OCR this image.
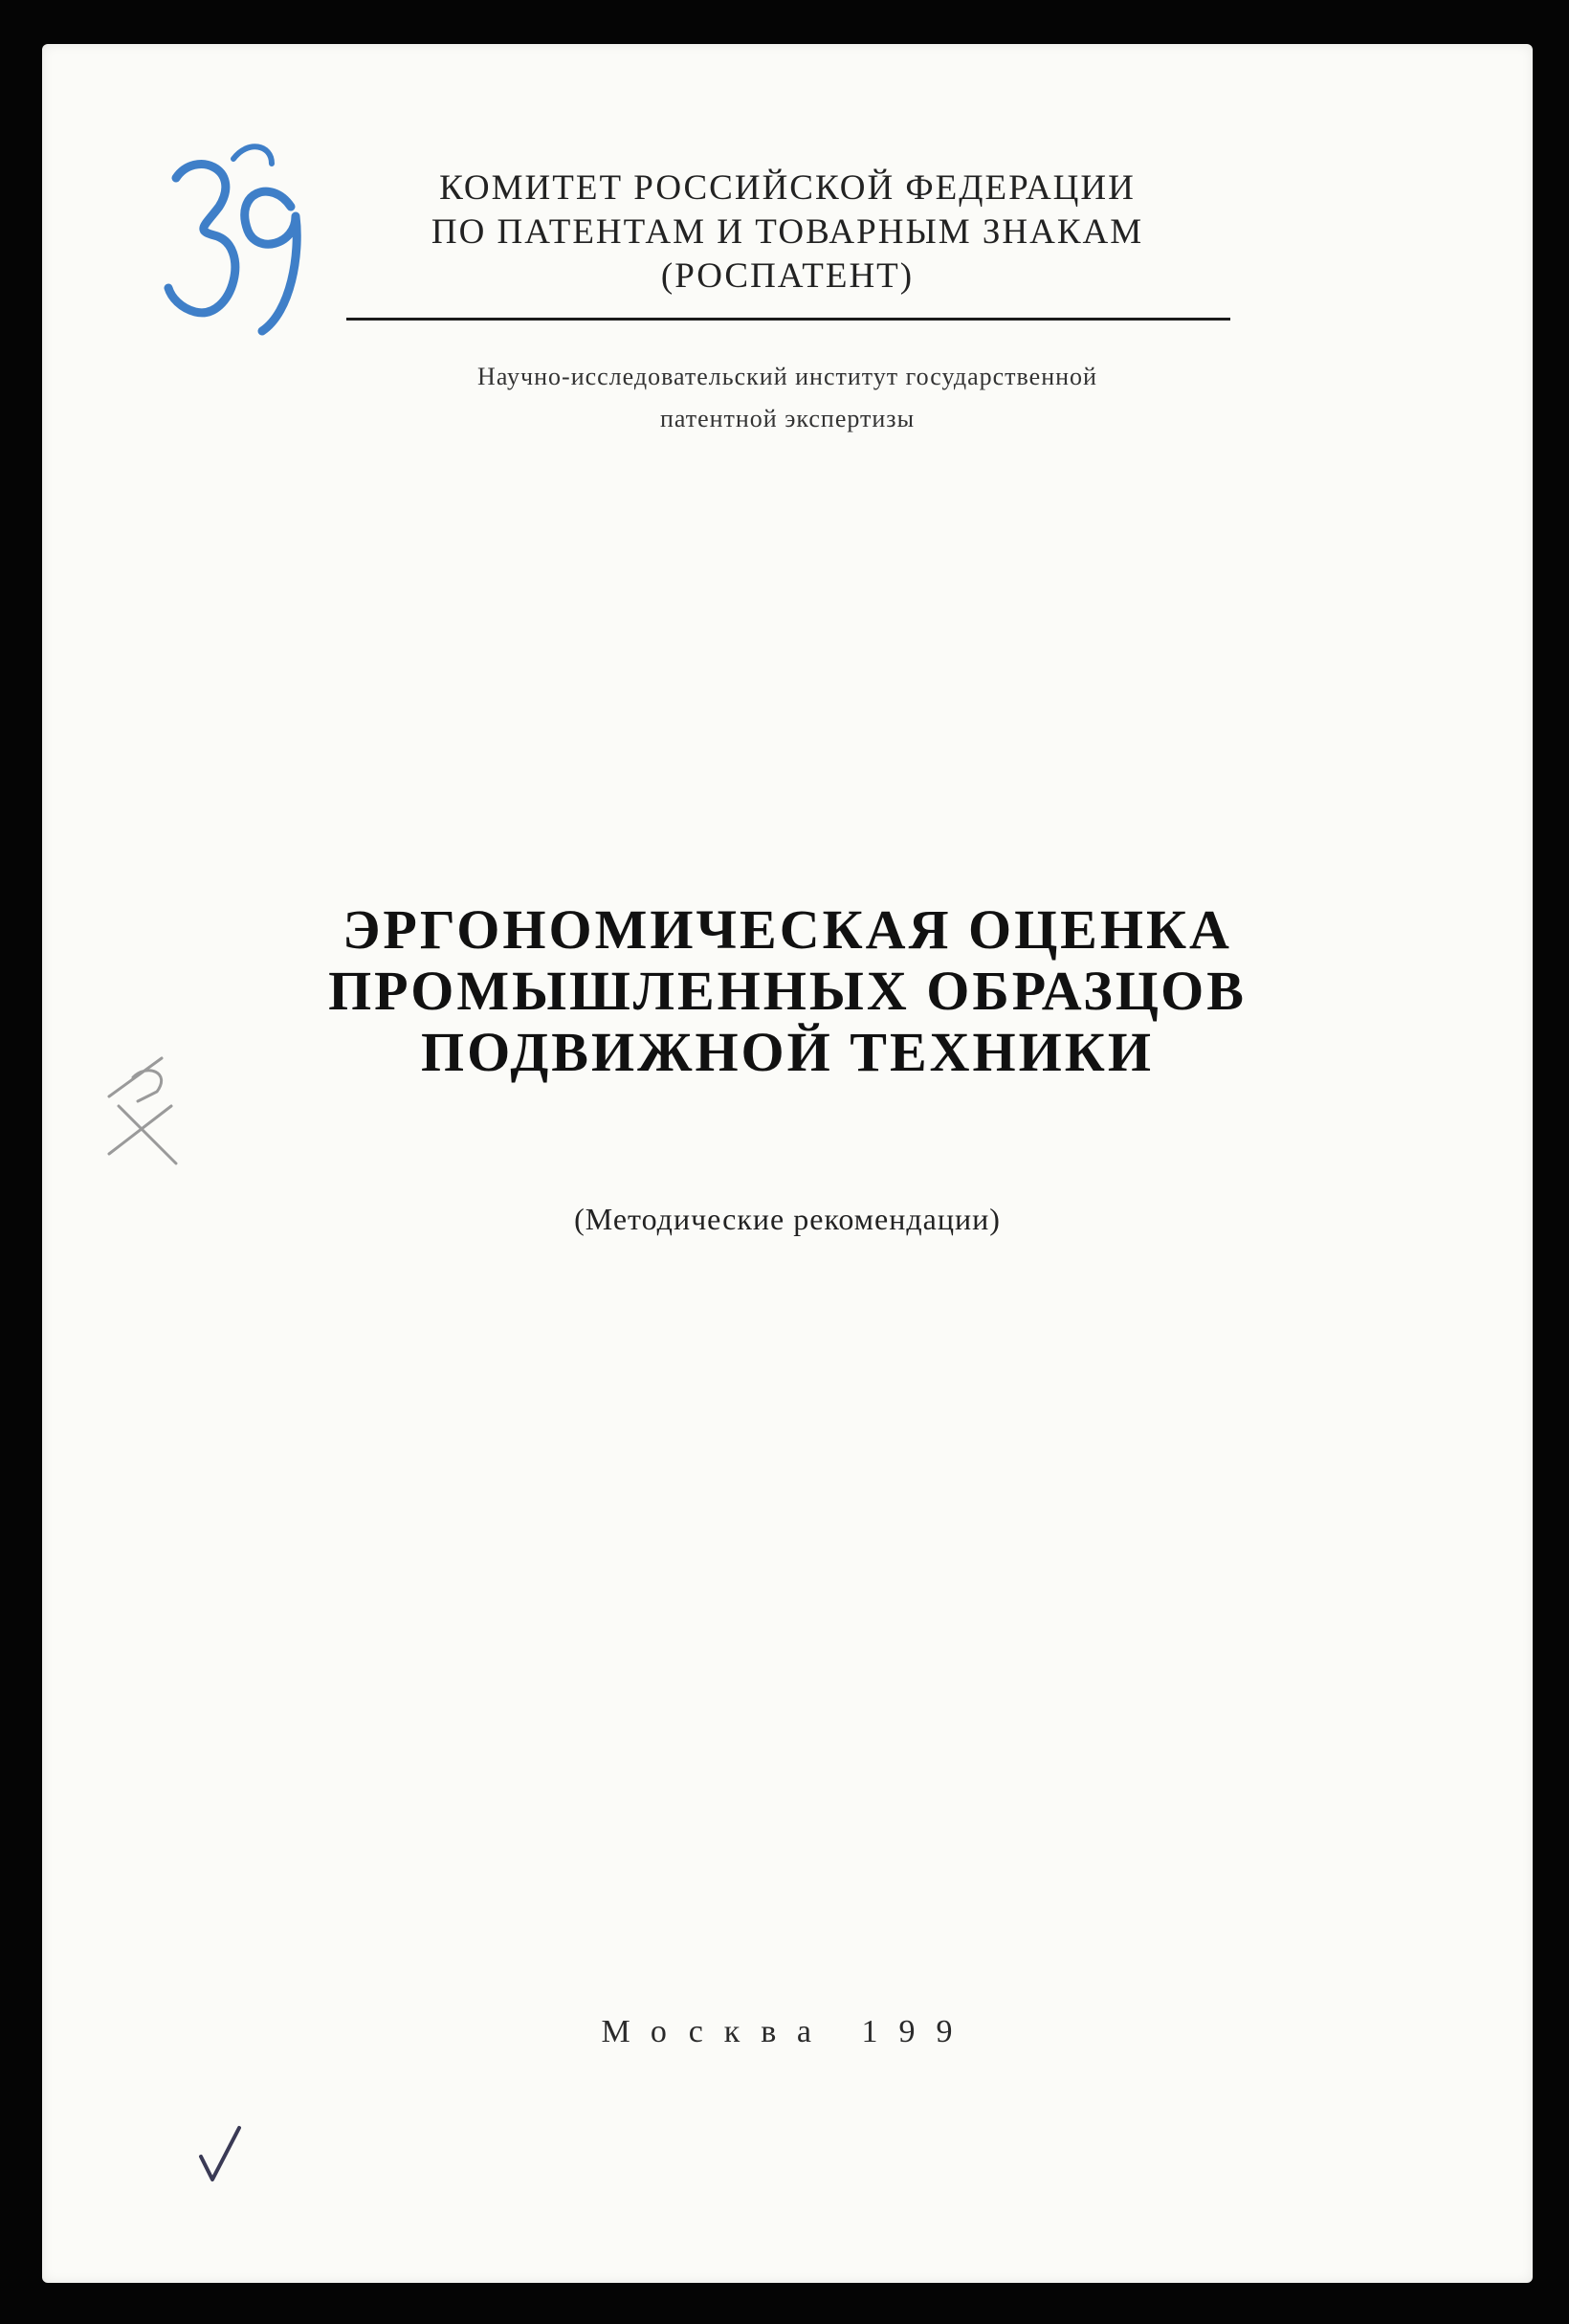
КОМИТЕТ РОССИЙСКОЙ ФЕДЕРАЦИИ
ПО ПАТЕНТАМ И ТОВАРНЫМ ЗНАКАМ
(РОСПАТЕНТ)
Научно-исследовательский институт государственной
патентной экспертизы
ЭРГОНОМИЧЕСКАЯ ОЦЕНКА
ПРОМЫШЛЕННЫХ ОБРАЗЦОВ
ПОДВИЖНОЙ ТЕХНИКИ
(Методические рекомендации)
Москва 199
